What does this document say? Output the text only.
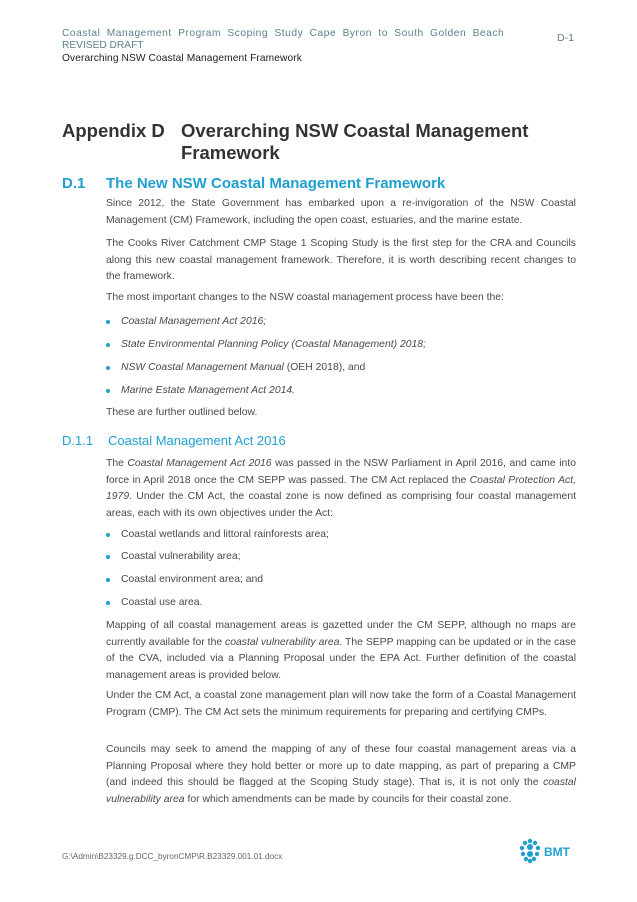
Coastal Management Program Scoping Study Cape Byron to South Golden Beach
REVISED DRAFT
Overarching NSW Coastal Management Framework
D-1
Appendix D Overarching NSW Coastal Management Framework
D.1 The New NSW Coastal Management Framework

Since 2012, the State Government has embarked upon a re-invigoration of the NSW Coastal Management (CM) Framework, including the open coast, estuaries, and the marine estate.

The Cooks River Catchment CMP Stage 1 Scoping Study is the first step for the CRA and Councils along this new coastal management framework. Therefore, it is worth describing recent changes to the framework.

The most important changes to the NSW coastal management process have been the:

Coastal Management Act 2016;
State Environmental Planning Policy (Coastal Management) 2018;
NSW Coastal Management Manual (OEH 2018), and
Marine Estate Management Act 2014.

These are further outlined below.

D.1.1 Coastal Management Act 2016

The Coastal Management Act 2016 was passed in the NSW Parliament in April 2016, and came into force in April 2018 once the CM SEPP was passed. The CM Act replaced the Coastal Protection Act, 1979. Under the CM Act, the coastal zone is now defined as comprising four coastal management areas, each with its own objectives under the Act:

Coastal wetlands and littoral rainforests area;
Coastal vulnerability area;
Coastal environment area; and
Coastal use area.

Mapping of all coastal management areas is gazetted under the CM SEPP, although no maps are currently available for the coastal vulnerability area. The SEPP mapping can be updated or in the case of the CVA, included via a Planning Proposal under the EPA Act. Further definition of the coastal management areas is provided below.

Under the CM Act, a coastal zone management plan will now take the form of a Coastal Management Program (CMP). The CM Act sets the minimum requirements for preparing and certifying CMPs.

Councils may seek to amend the mapping of any of these four coastal management areas via a Planning Proposal where they hold better or more up to date mapping, as part of preparing a CMP (and indeed this should be flagged at the Scoping Study stage). That is, it is not only the coastal vulnerability area for which amendments can be made by councils for their coastal zone.

G:\Admin\B23329.g.DCC_byronCMP\R.B23329.001.01.docx	BMT
